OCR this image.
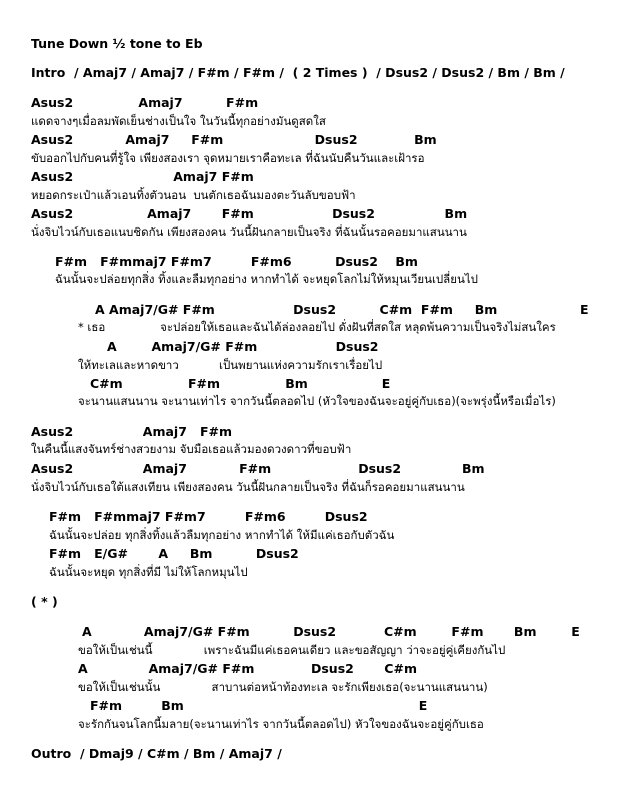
Tune Down ½ tone to Eb
Intro  / Amaj7 / Amaj7 / F#m / F#m /  ( 2 Times )  / Dsus2 / Dsus2 / Bm / Bm /
Asus2               Amaj7          F#m
แดดจางๆเมื่อลมพัดเย็นช่างเป็นใจ ในวันนี้ทุกอย่างมันดูสดใส
Asus2            Amaj7     F#m                     Dsus2             Bm
ขับออกไปกับคนที่รู้ใจ เพียงสองเรา จุดหมายเราคือทะเล ที่ฉันนับคืนวันและเฝ้ารอ
Asus2                       Amaj7 F#m
หยอดกระเป๋าแล้วเอนทิ้งตัวนอน  บนตักเธอฉันมองตะวันลับขอบฟ้า
Asus2                 Amaj7       F#m                  Dsus2                Bm
นั่งจิบไวน์กับเธอแนบชิดกัน เพียงสองคน วันนี้ฝันกลายเป็นจริง ที่ฉันนั้นรอคอยมาแสนนาน
F#m   F#mmaj7 F#m7         F#m6          Dsus2    Bm
ฉันนั้นจะปล่อยทุกสิ่ง ทิ้งและลืมทุกอย่าง หากทำได้ จะหยุดโลกไม่ให้หมุนเวียนเปลี่ยนไป
A Amaj7/G# F#m                  Dsus2          C#m  F#m     Bm                   E
* เธอ               จะปล่อยให้เธอและฉันได้ล่องลอยไป ดั่งฝันที่สดใส หลุดพ้นความเป็นจริงไม่สนใคร
A        Amaj7/G# F#m                  Dsus2
ให้ทะเลและหาดขาว           เป็นพยานแห่งความรักเราเรื่อยไป
C#m               F#m               Bm                 E
จะนานแสนนาน จะนานเท่าไร จากวันนี้ตลอดไป (หัวใจของฉันจะอยู่คู่กับเธอ)(จะพรุ่งนี้หรือเมื่อไร)
Asus2                Amaj7   F#m
ในคืนนี้แสงจันทร์ช่างสวยงาม จับมือเธอแล้วมองดวงดาวที่ขอบฟ้า
Asus2                Amaj7            F#m                    Dsus2              Bm
นั่งจิบไวน์กับเธอใต้แสงเทียน เพียงสองคน วันนี้ฝันกลายเป็นจริง ที่ฉันก็รอคอยมาแสนนาน
F#m   F#mmaj7 F#m7         F#m6         Dsus2
ฉันนั้นจะปล่อย ทุกสิ่งทิ้งแล้วลืมทุกอย่าง หากทำได้ ให้มีแค่เธอกับตัวฉัน
F#m   E/G#       A     Bm          Dsus2
ฉันนั้นจะหยุด ทุกสิ่งที่มี ไม่ให้โลกหมุนไป
( * )
A            Amaj7/G# F#m          Dsus2           C#m        F#m       Bm        E
ขอให้เป็นเช่นนี้              เพราะฉันมีแค่เธอคนเดียว และขอสัญญา ว่าจะอยู่คู่เคียงกันไป
A              Amaj7/G# F#m             Dsus2       C#m
ขอให้เป็นเช่นนั้น              สาบานต่อหน้าท้องทะเล จะรักเพียงเธอ(จะนานแสนนาน)
F#m         Bm                                                      E
จะรักกันจนโลกนี้มลาย(จะนานเท่าไร จากวันนี้ตลอดไป) หัวใจของฉันจะอยู่คู่กับเธอ
Outro  / Dmaj9 / C#m / Bm / Amaj7 /
